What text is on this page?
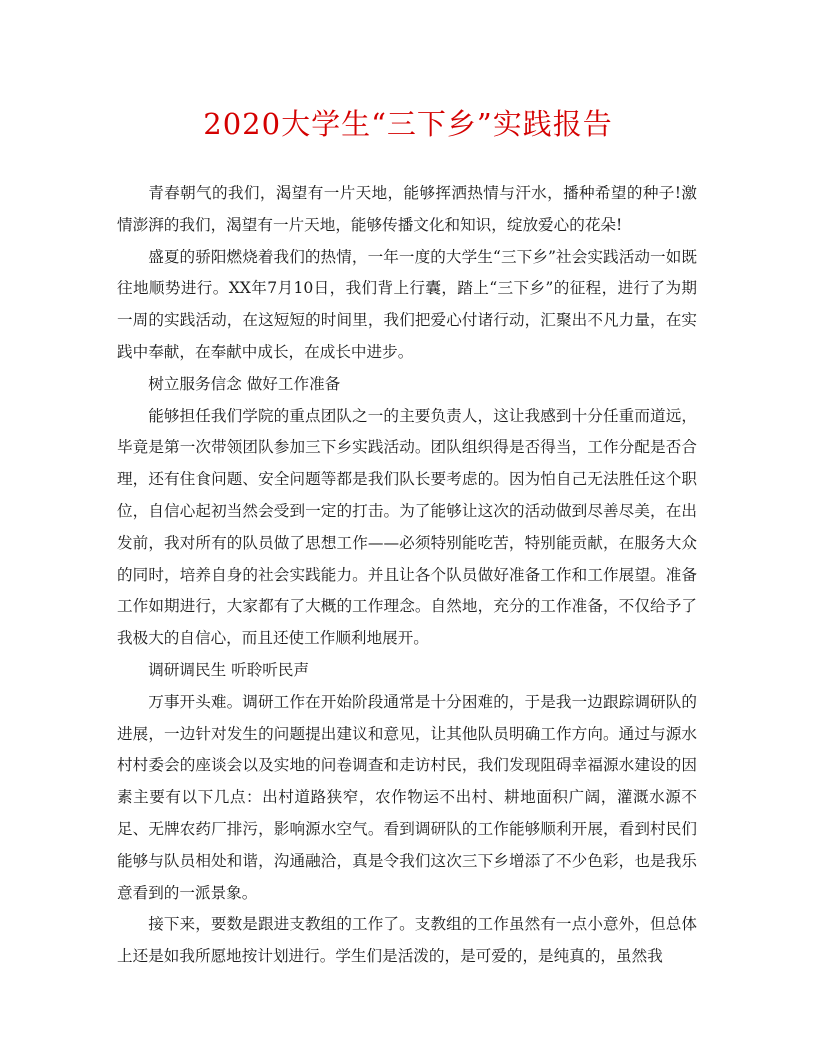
2020大学生“三下乡”实践报告

青春朝气的我们，渴望有一片天地，能够挥洒热情与汗水，播种希望的种子!激情澎湃的我们，渴望有一片天地，能够传播文化和知识，绽放爱心的花朵!

盛夏的骄阳燃烧着我们的热情，一年一度的大学生“三下乡”社会实践活动一如既往地顺势进行。XX年7月10日，我们背上行囊，踏上“三下乡”的征程，进行了为期一周的实践活动，在这短短的时间里，我们把爱心付诸行动，汇聚出不凡力量，在实践中奉献，在奉献中成长，在成长中进步。

树立服务信念 做好工作准备

能够担任我们学院的重点团队之一的主要负责人，这让我感到十分任重而道远，毕竟是第一次带领团队参加三下乡实践活动。团队组织得是否得当，工作分配是否合理，还有住食问题、安全问题等都是我们队长要考虑的。因为怕自己无法胜任这个职位，自信心起初当然会受到一定的打击。为了能够让这次的活动做到尽善尽美，在出发前，我对所有的队员做了思想工作——必须特别能吃苦，特别能贡献，在服务大众的同时，培养自身的社会实践能力。并且让各个队员做好准备工作和工作展望。准备工作如期进行，大家都有了大概的工作理念。自然地，充分的工作准备，不仅给予了我极大的自信心，而且还使工作顺利地展开。

调研调民生 听聆听民声

万事开头难。调研工作在开始阶段通常是十分困难的，于是我一边跟踪调研队的进展，一边针对发生的问题提出建议和意见，让其他队员明确工作方向。通过与源水村村委会的座谈会以及实地的问卷调查和走访村民，我们发现阻碍幸福源水建设的因素主要有以下几点：出村道路狭窄，农作物运不出村、耕地面积广阔，灌溉水源不足、无牌农药厂排污，影响源水空气。看到调研队的工作能够顺利开展，看到村民们能够与队员相处和谐，沟通融洽，真是令我们这次三下乡增添了不少色彩，也是我乐意看到的一派景象。

接下来，要数是跟进支教组的工作了。支教组的工作虽然有一点小意外，但总体上还是如我所愿地按计划进行。学生们是活泼的，是可爱的，是纯真的，虽然我
